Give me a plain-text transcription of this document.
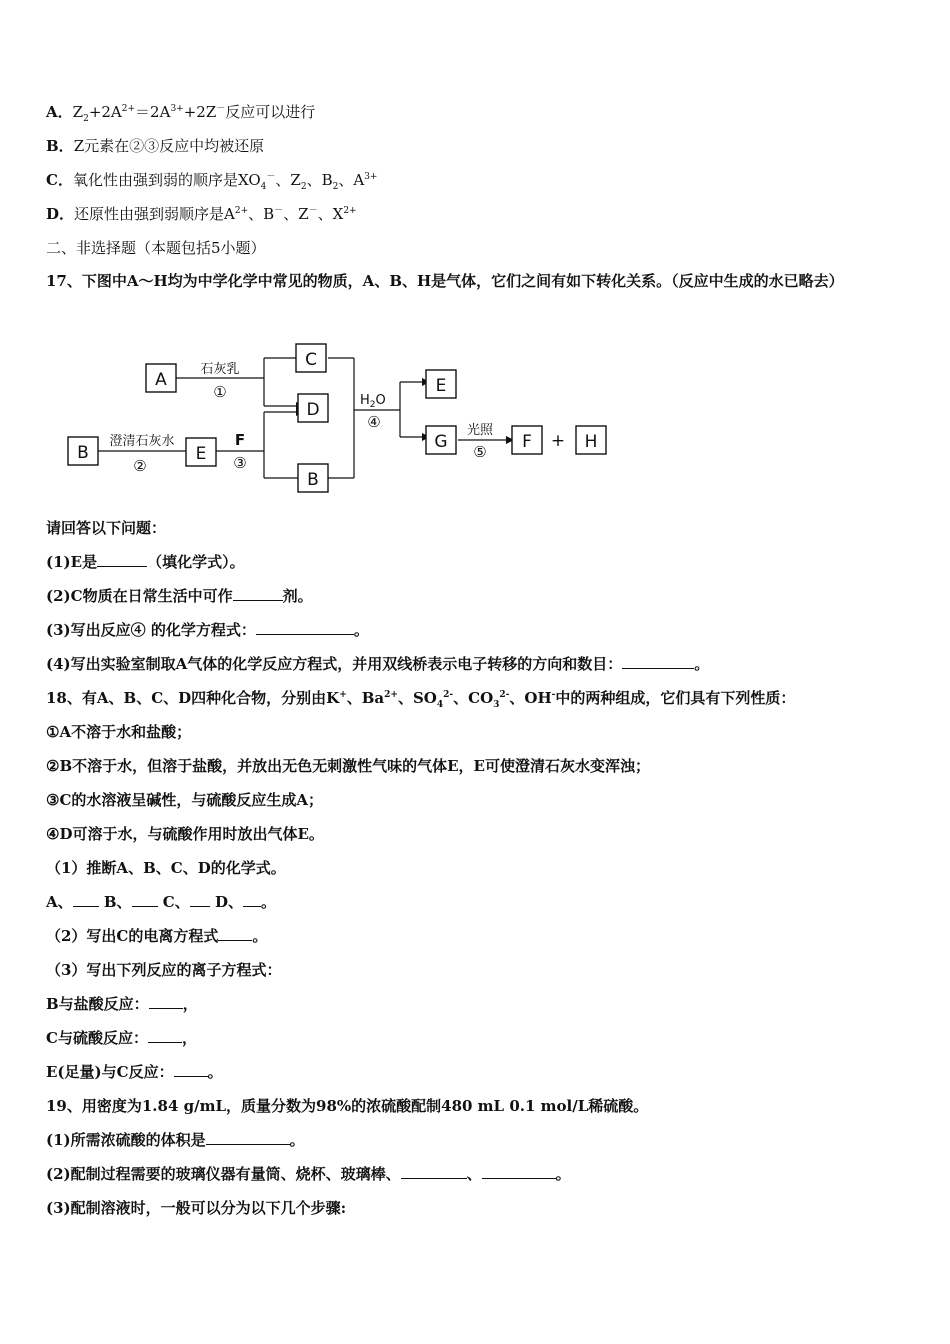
A．$Z_2+2A^{2+}=2A^{3+}+2Z^-$反应可以进行
B．Z元素在②③反应中均被还原
C．氧化性由强到弱的顺序是$XO_4^-$、$Z_2$、$B_2$、$A^{3+}$
D．还原性由强到弱顺序是$A^{2+}$、B－、Z－、$X^{2+}$
二、非选择题（本题包括5小题）
17、下图中A～H均为中学化学中常见的物质，A、B、H是气体，它们之间有如下转化关系。（反应中生成的水已略去）
A
B	E
C
D
B
E
G	F	H
石灰乳
①
澄清石灰水
②
F
③
$H_2O$
④	光照
⑤
+
请回答以下问题：
(1)E是	（填化学式）。
(2)C物质在日常生活中可作	剂。
(3)写出反应④ 的化学方程式：	。
(4)写出实验室制取A气体的化学反应方程式，并用双线桥表示电子转移的方向和数目：	。
18、有A、B、C、D四种化合物，分别由K+、$Ba^{2+}$、$SO_4^{2-}$、$CO_3^{2-}$、OH-中的两种组成，它们具有下列性质：
①A不溶于水和盐酸；
②B不溶于水，但溶于盐酸，并放出无色无刺激性气味的气体E，E可使澄清石灰水变浑浊；
③C的水溶液呈碱性，与硫酸反应生成A；
④D可溶于水，与硫酸作用时放出气体E。
（1）推断A、B、C、D的化学式。
A、 B、 C、 D、 。
（2）写出C的电离方程式 。
（3）写出下列反应的离子方程式：
B与盐酸反应： ，
C与硫酸反应： ，
E(足量)与C反应： 。
19、用密度为1.84 g/mL，质量分数为98%的浓硫酸配制480 mL 0.1 mol/L稀硫酸。
(1)所需浓硫酸的体积是	。
(2)配制过程需要的玻璃仪器有量筒、烧杯、玻璃棒、	、	。
(3)配制溶液时，一般可以分为以下几个步骤:
